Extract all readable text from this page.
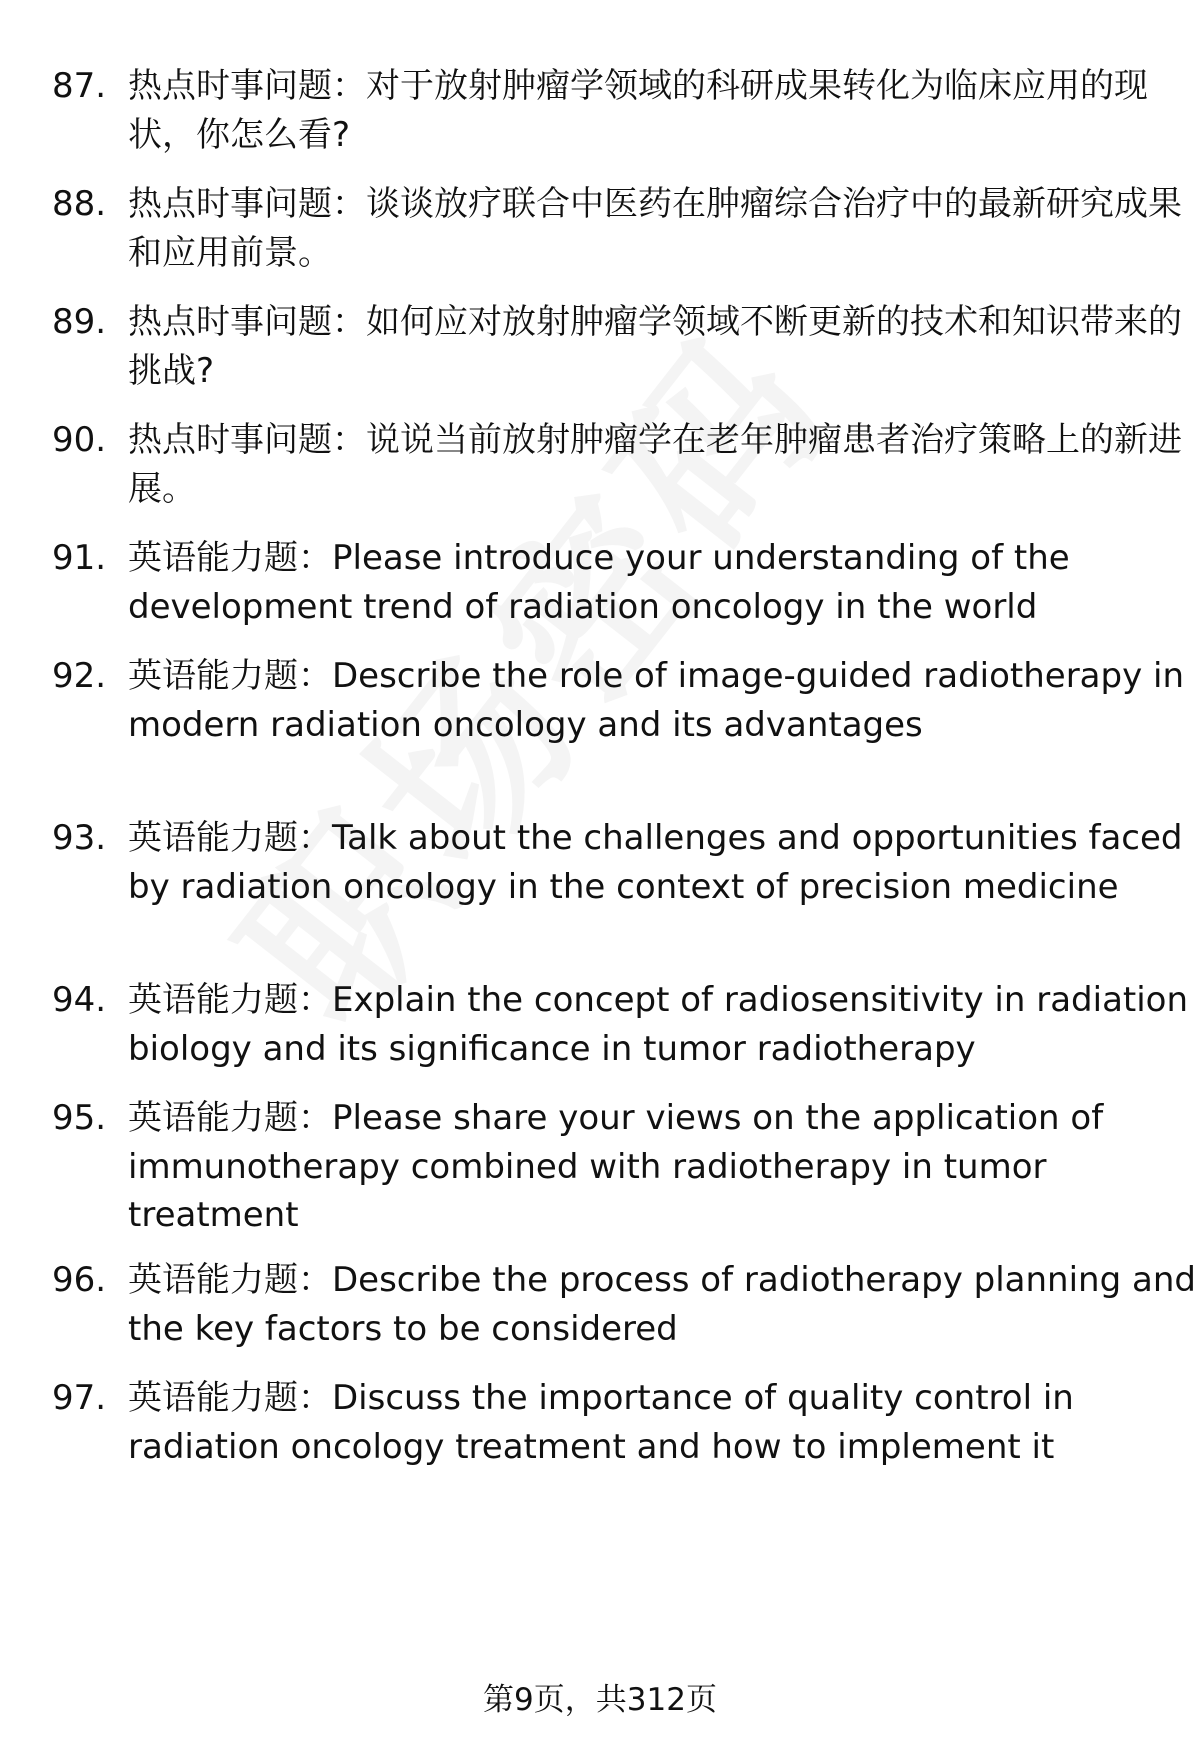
87. 热点时事问题：对于放射肿瘤学领域的科研成果转化为临床应用的现状，你怎么看?
88. 热点时事问题：谈谈放疗联合中医药在肿瘤综合治疗中的最新研究成果和应用前景。
89. 热点时事问题：如何应对放射肿瘤学领域不断更新的技术和知识带来的挑战?
90. 热点时事问题：说说当前放射肿瘤学在老年肿瘤患者治疗策略上的新进展。
91. 英语能力题：Please introduce your understanding of the development trend of radiation oncology in the world
92. 英语能力题：Describe the role of image-guided radiotherapy in modern radiation oncology and its advantages
93. 英语能力题：Talk about the challenges and opportunities faced by radiation oncology in the context of precision medicine
94. 英语能力题：Explain the concept of radiosensitivity in radiation biology and its significance in tumor radiotherapy
95. 英语能力题：Please share your views on the application of immunotherapy combined with radiotherapy in tumor treatment
96. 英语能力题：Describe the process of radiotherapy planning and the key factors to be considered
97. 英语能力题：Discuss the importance of quality control in radiation oncology treatment and how to implement it
第9页，共312页
